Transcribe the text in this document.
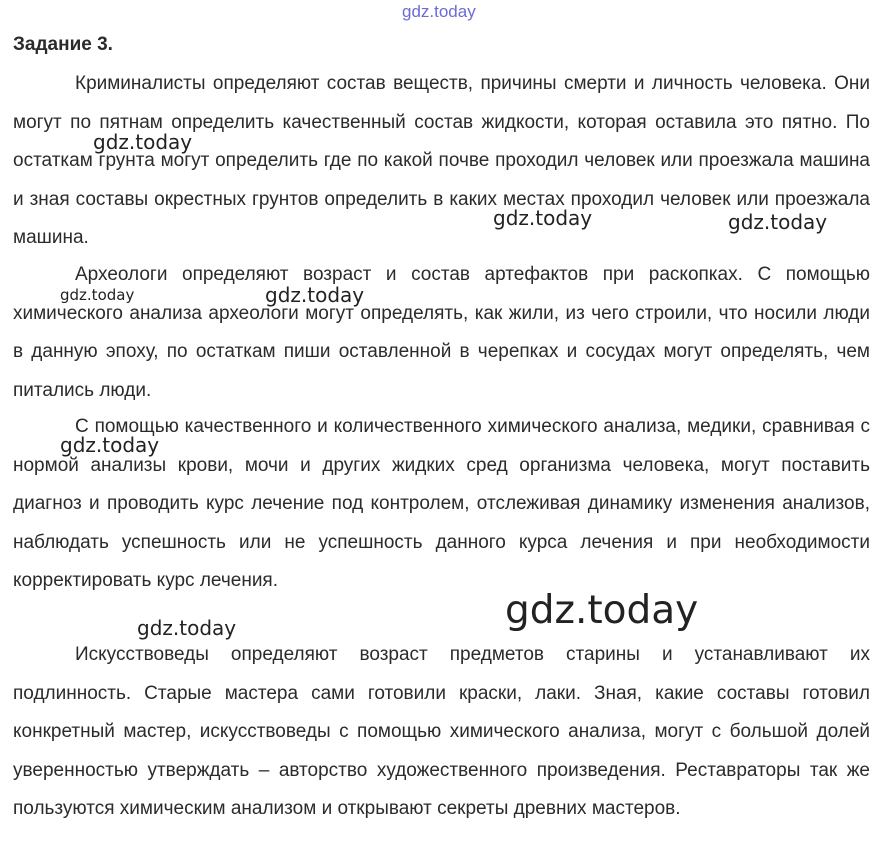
gdz.today
Задание 3.

Криминалисты определяют состав веществ, причины смерти и личность человека. Они могут по пятнам определить качественный состав жидкости, которая оставила это пятно. По остаткам грунта могут определить где по какой почве проходил человек или проезжала машина и зная составы окрестных грунтов определить в каких местах проходил человек или проезжала машина.

Археологи определяют возраст и состав артефактов при раскопках. С помощью химического анализа археологи могут определять, как жили, из чего строили, что носили люди в данную эпоху, по остаткам пиши оставленной в черепках и сосудах могут определять, чем питались люди.

С помощью качественного и количественного химического анализа, медики, сравнивая с нормой анализы крови, мочи и других жидких сред организма человека, могут поставить диагноз и проводить курс лечение под контролем, отслеживая динамику изменения анализов, наблюдать успешность или не успешность данного курса лечения и при необходимости корректировать курс лечения.

Искусствоведы определяют возраст предметов старины и устанавливают их подлинность. Старые мастера сами готовили краски, лаки. Зная, какие составы готовил конкретный мастер, искусствоведы с помощью химического анализа, могут с большой долей уверенностью утверждать – авторство художественного произведения. Реставраторы так же пользуются химическим анализом и открывают секреты древних мастеров.

gdz.today
gdz.today	gdz.today
gdz.today	gdz.today
gdz.today
gdz.today
gdz.today
